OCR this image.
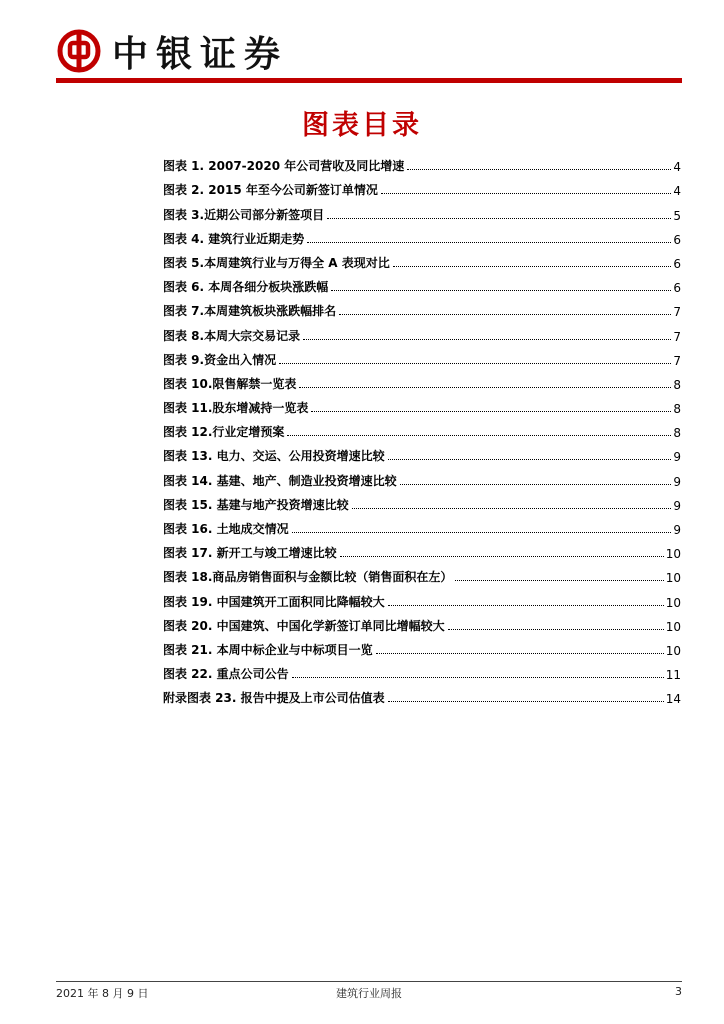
中银证券
图表目录
图表 1. 2007-2020 年公司营收及同比增速	4
图表 2. 2015 年至今公司新签订单情况	4
图表 3.近期公司部分新签项目	5
图表 4. 建筑行业近期走势	6
图表 5.本周建筑行业与万得全 A 表现对比	6
图表 6. 本周各细分板块涨跌幅	6
图表 7.本周建筑板块涨跌幅排名	7
图表 8.本周大宗交易记录	7
图表 9.资金出入情况	7
图表 10.限售解禁一览表	8
图表 11.股东增减持一览表	8
图表 12.行业定增预案	8
图表 13. 电力、交运、公用投资增速比较	9
图表 14. 基建、地产、制造业投资增速比较	9
图表 15. 基建与地产投资增速比较	9
图表 16. 土地成交情况	9
图表 17. 新开工与竣工增速比较	10
图表 18.商品房销售面积与金额比较（销售面积在左）	10
图表 19. 中国建筑开工面积同比降幅较大	10
图表 20. 中国建筑、中国化学新签订单同比增幅较大	10
图表 21. 本周中标企业与中标项目一览	10
图表 22. 重点公司公告	11
附录图表 23. 报告中提及上市公司估值表	14
2021 年 8 月 9 日	建筑行业周报	3
